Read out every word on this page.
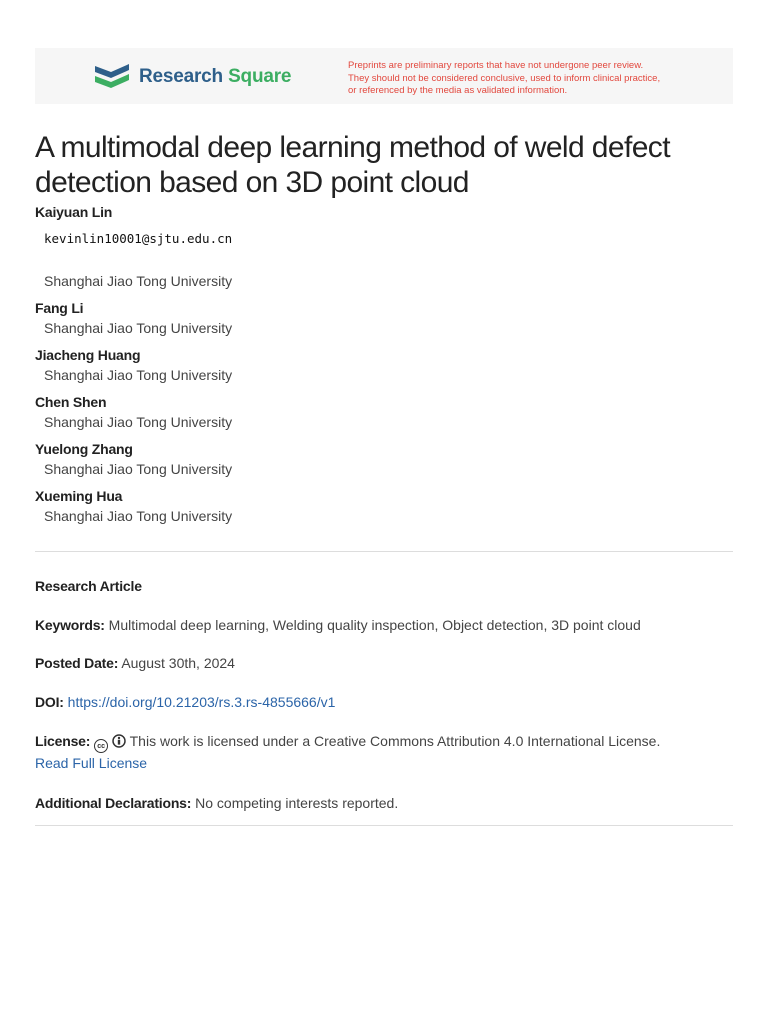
Research Square
Preprints are preliminary reports that have not undergone peer review.
They should not be considered conclusive, used to inform clinical practice,
or referenced by the media as validated information.
A multimodal deep learning method of weld defect detection based on 3D point cloud
Kaiyuan Lin
kevinlin10001@sjtu.edu.cn
Shanghai Jiao Tong University
Fang Li
Shanghai Jiao Tong University
Jiacheng Huang
Shanghai Jiao Tong University
Chen Shen
Shanghai Jiao Tong University
Yuelong Zhang
Shanghai Jiao Tong University
Xueming Hua
Shanghai Jiao Tong University
Research Article
Keywords: Multimodal deep learning, Welding quality inspection, Object detection, 3D point cloud
Posted Date: August 30th, 2024
DOI: https://doi.org/10.21203/rs.3.rs-4855666/v1
License: cc This work is licensed under a Creative Commons Attribution 4.0 International License.
Read Full License
Additional Declarations: No competing interests reported.
